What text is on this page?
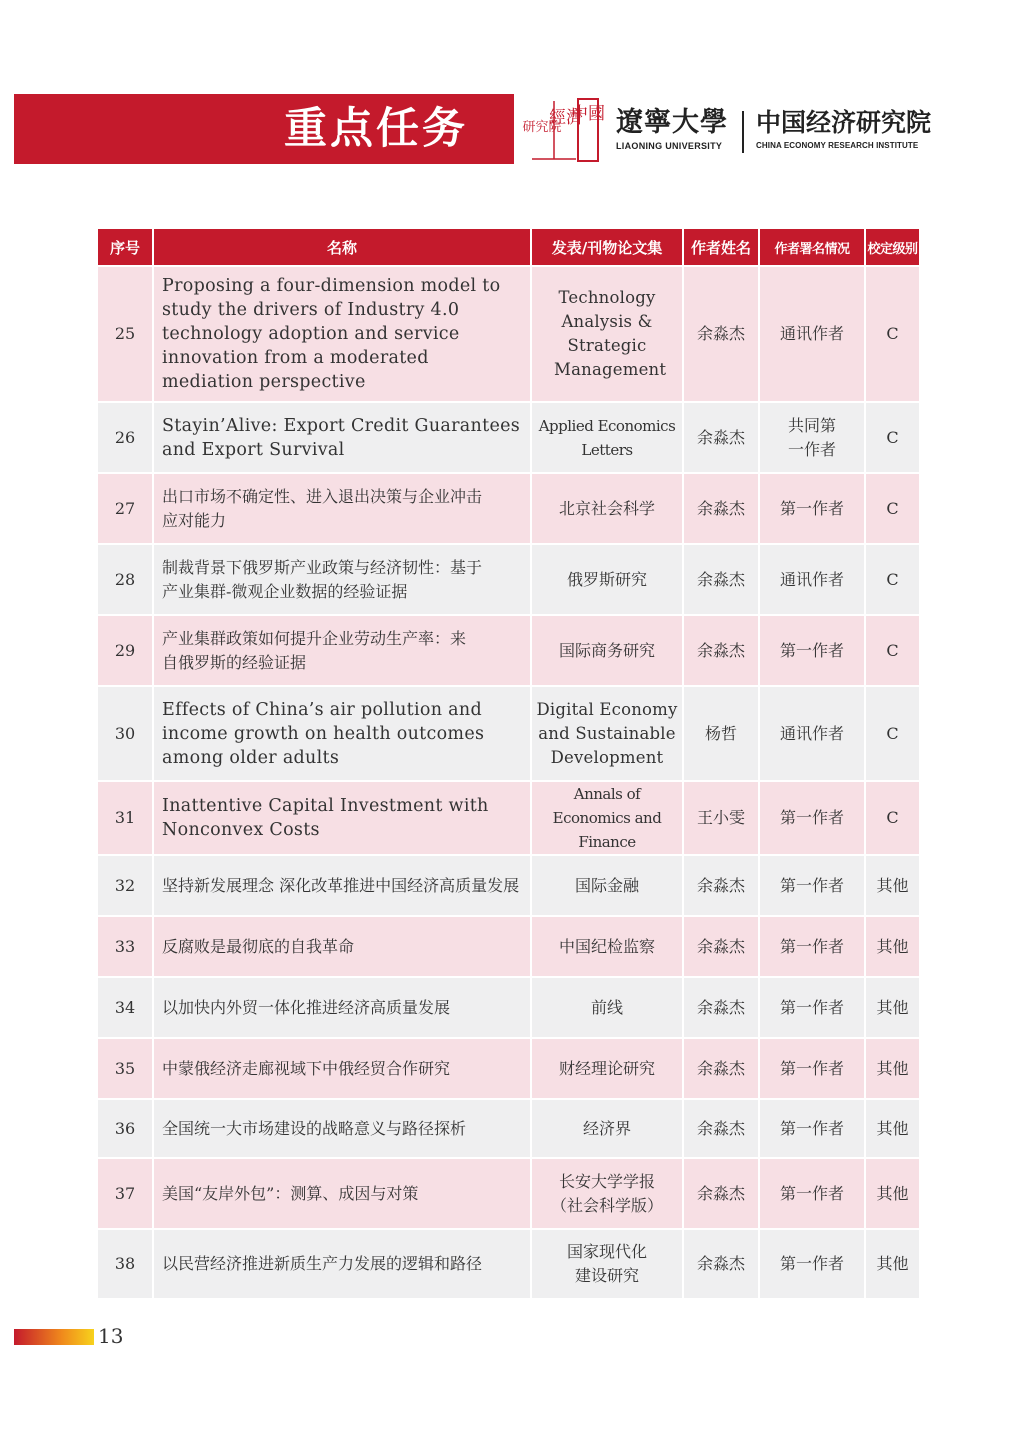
重点任务	中國
經濟
研究院 遼寧大學
LIAONING UNIVERSITY
中国经济研究院
CHINA ECONOMY RESEARCH INSTITUTE
序号	名称	发表/刊物论文集	作者姓名	作者署名情况	校定级别
25	Proposing a four-dimension model to study the drivers of Industry 4.0 technology adoption and service innovation from a moderated mediation perspective	Technology Analysis & Strategic Management	余淼杰	通讯作者	C
26	Stayin’Alive: Export Credit Guarantees and Export Survival	Applied Economics Letters	余淼杰	共同第一作者	C
27	出口市场不确定性、进入退出决策与企业冲击应对能力	北京社会科学	余淼杰	第一作者	C
28	制裁背景下俄罗斯产业政策与经济韧性：基于产业集群-微观企业数据的经验证据	俄罗斯研究	余淼杰	通讯作者	C
29	产业集群政策如何提升企业劳动生产率：来自俄罗斯的经验证据	国际商务研究	余淼杰	第一作者	C
30	Effects of China’s air pollution and income growth on health outcomes among older adults	Digital Economy and Sustainable Development	杨哲	通讯作者	C
31	Inattentive Capital Investment with Nonconvex Costs	Annals of Economics and Finance	王小雯	第一作者	C
32	坚持新发展理念 深化改革推进中国经济高质量发展	国际金融	余淼杰	第一作者	其他
33	反腐败是最彻底的自我革命	中国纪检监察	余淼杰	第一作者	其他
34	以加快内外贸一体化推进经济高质量发展	前线	余淼杰	第一作者	其他
35	中蒙俄经济走廊视域下中俄经贸合作研究	财经理论研究	余淼杰	第一作者	其他
36	全国统一大市场建设的战略意义与路径探析	经济界	余淼杰	第一作者	其他
37	美国“友岸外包”：测算、成因与对策	长安大学学报（社会科学版）	余淼杰	第一作者	其他
38	以民营经济推进新质生产力发展的逻辑和路径	国家现代化建设研究	余淼杰	第一作者	其他
13
